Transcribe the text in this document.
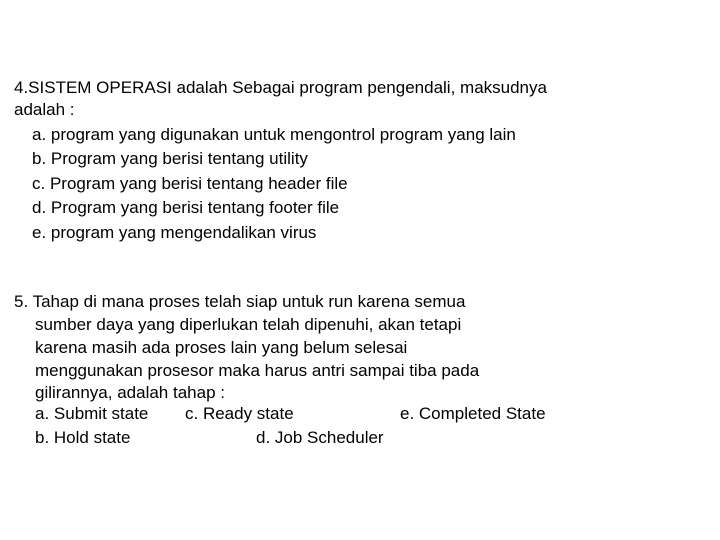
4.SISTEM OPERASI adalah Sebagai program pengendali, maksudnya
adalah :
a. program yang digunakan untuk mengontrol program yang lain
b. Program yang berisi tentang utility
c. Program yang berisi tentang header file
d. Program yang berisi tentang footer file
e. program yang mengendalikan virus
5. Tahap di mana proses telah siap untuk run karena semua
sumber daya yang diperlukan telah dipenuhi, akan tetapi
karena masih ada proses lain yang belum selesai
menggunakan prosesor maka harus antri sampai tiba pada
gilirannya, adalah tahap :
a. Submit state c. Ready state	e. Completed State
b. Hold state	d. Job Scheduler
